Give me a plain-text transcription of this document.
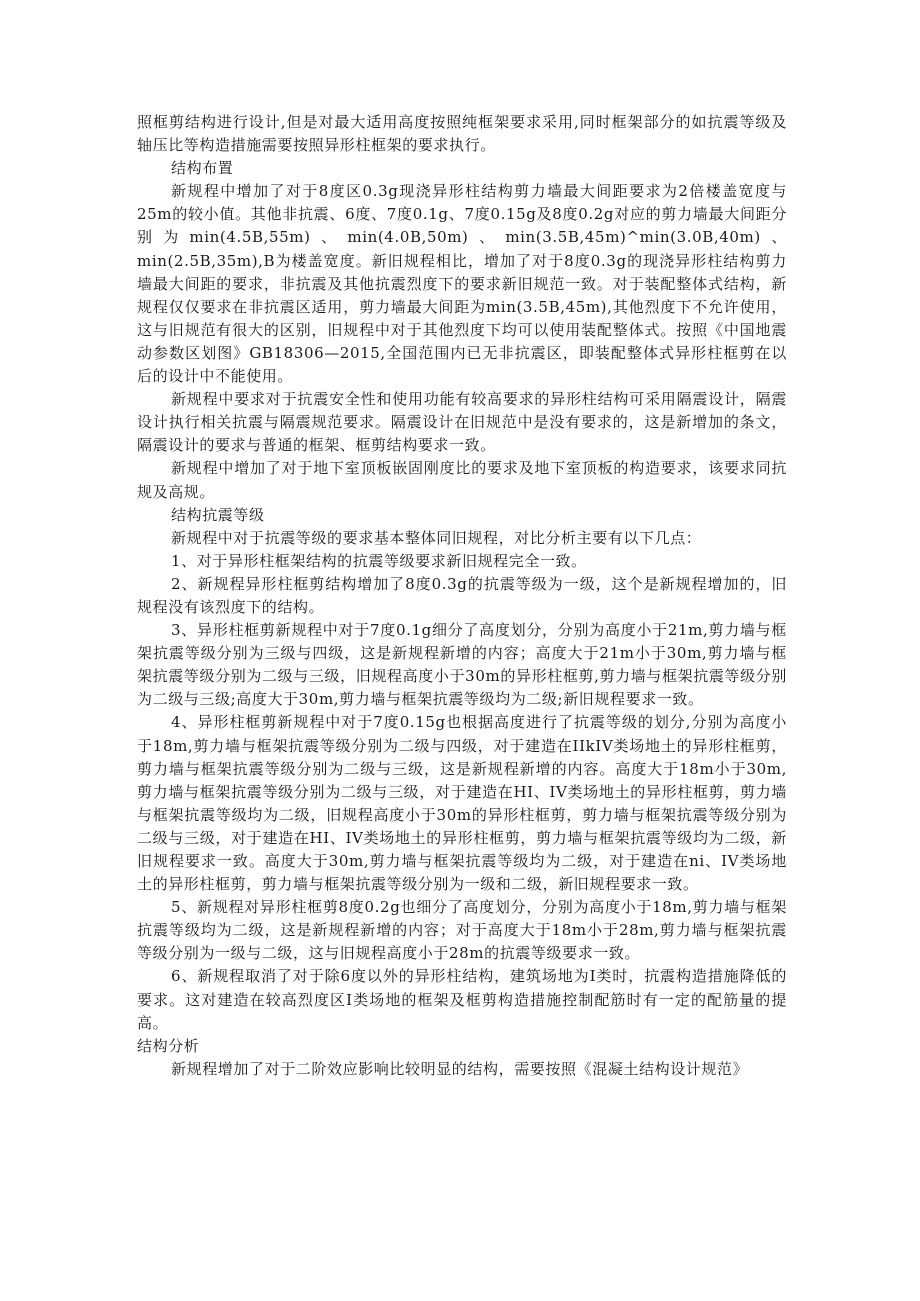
照框剪结构进行设计,但是对最大适用高度按照纯框架要求采用,同时框架部分的如抗震等级及轴压比等构造措施需要按照异形柱框架的要求执行。

结构布置

新规程中增加了对于8度区0.3g现浇异形柱结构剪力墙最大间距要求为2倍楼盖宽度与25m的较小值。其他非抗震、6度、7度0.1g、7度0.15g及8度0.2g对应的剪力墙最大间距分别为min(4.5B,55m)、min(4.0B,50m)、min(3.5B,45m)^min(3.0B,40m)、min(2.5B,35m),B为楼盖宽度。新旧规程相比，增加了对于8度0.3g的现浇异形柱结构剪力墙最大间距的要求，非抗震及其他抗震烈度下的要求新旧规范一致。对于装配整体式结构，新规程仅仅要求在非抗震区适用，剪力墙最大间距为min(3.5B,45m),其他烈度下不允许使用，这与旧规范有很大的区别，旧规程中对于其他烈度下均可以使用装配整体式。按照《中国地震动参数区划图》GB18306—2015,全国范围内已无非抗震区，即装配整体式异形柱框剪在以后的设计中不能使用。

新规程中要求对于抗震安全性和使用功能有较高要求的异形柱结构可采用隔震设计，隔震设计执行相关抗震与隔震规范要求。隔震设计在旧规范中是没有要求的，这是新增加的条文，隔震设计的要求与普通的框架、框剪结构要求一致。

新规程中增加了对于地下室顶板嵌固刚度比的要求及地下室顶板的构造要求，该要求同抗规及高规。

结构抗震等级

新规程中对于抗震等级的要求基本整体同旧规程，对比分析主要有以下几点：

1、对于异形柱框架结构的抗震等级要求新旧规程完全一致。

2、新规程异形柱框剪结构增加了8度0.3g的抗震等级为一级，这个是新规程增加的，旧规程没有该烈度下的结构。

3、异形柱框剪新规程中对于7度0.1g细分了高度划分，分别为高度小于21m,剪力墙与框架抗震等级分别为三级与四级，这是新规程新增的内容；高度大于21m小于30m,剪力墙与框架抗震等级分别为二级与三级，旧规程高度小于30m的异形柱框剪,剪力墙与框架抗震等级分别为二级与三级;高度大于30m,剪力墙与框架抗震等级均为二级;新旧规程要求一致。

4、异形柱框剪新规程中对于7度0.15g也根据高度进行了抗震等级的划分,分别为高度小于18m,剪力墙与框架抗震等级分别为二级与四级，对于建造在IIkIV类场地土的异形柱框剪，剪力墙与框架抗震等级分别为二级与三级，这是新规程新增的内容。高度大于18m小于30m,剪力墙与框架抗震等级分别为二级与三级，对于建造在HI、IV类场地土的异形柱框剪，剪力墙与框架抗震等级均为二级，旧规程高度小于30m的异形柱框剪，剪力墙与框架抗震等级分别为二级与三级，对于建造在HI、IV类场地土的异形柱框剪，剪力墙与框架抗震等级均为二级，新旧规程要求一致。高度大于30m,剪力墙与框架抗震等级均为二级，对于建造在ni、IV类场地土的异形柱框剪，剪力墙与框架抗震等级分别为一级和二级，新旧规程要求一致。

5、新规程对异形柱框剪8度0.2g也细分了高度划分，分别为高度小于18m,剪力墙与框架抗震等级均为二级，这是新规程新增的内容；对于高度大于18m小于28m,剪力墙与框架抗震等级分别为一级与二级，这与旧规程高度小于28m的抗震等级要求一致。

6、新规程取消了对于除6度以外的异形柱结构，建筑场地为I类时，抗震构造措施降低的要求。这对建造在较高烈度区I类场地的框架及框剪构造措施控制配筋时有一定的配筋量的提高。

结构分析

新规程增加了对于二阶效应影响比较明显的结构，需要按照《混凝土结构设计规范》
